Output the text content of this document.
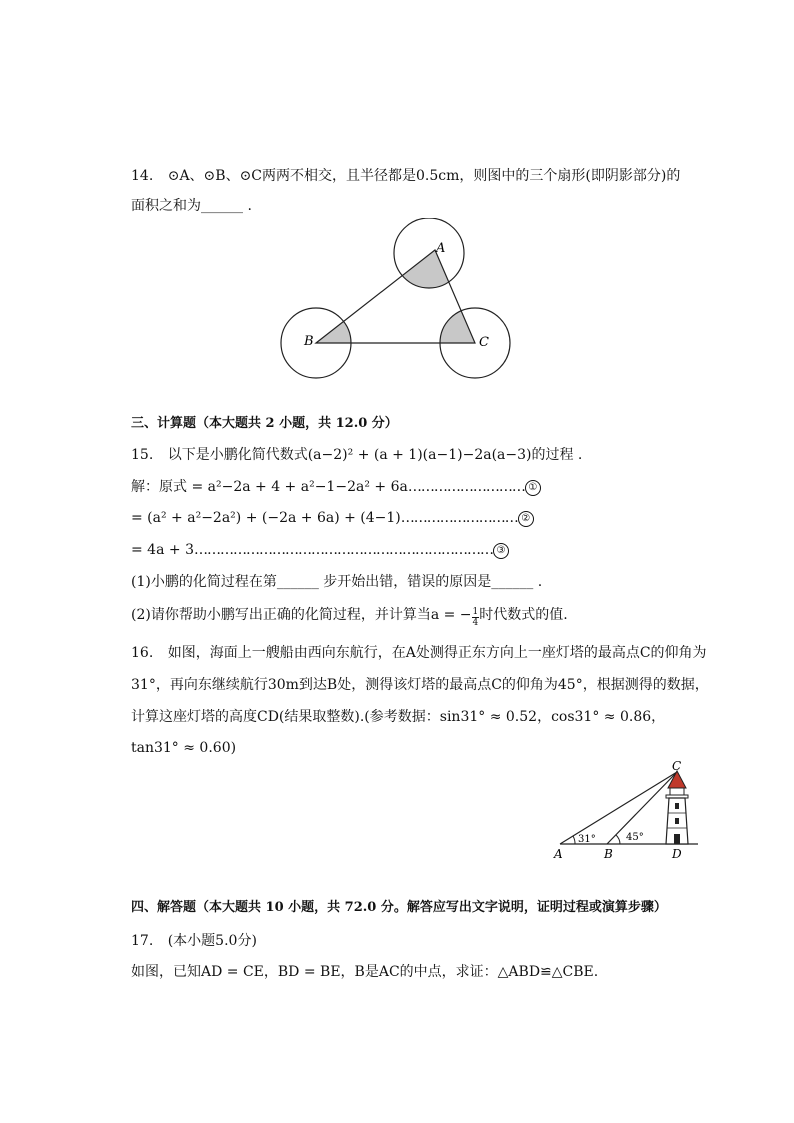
14. ⊙A、⊙B、⊙C两两不相交，且半径都是0.5cm，则图中的三个扇形(即阴影部分)的
面积之和为______ .
A
B	C
三、计算题（本大题共 2 小题，共 12.0 分）
15. 以下是小鹏化简代数式(a−2)² + (a + 1)(a−1)−2a(a−3)的过程 .
解：原式 = a²−2a + 4 + a²−1−2a² + 6a……………………… ①
= (a² + a²−2a²) + (−2a + 6a) + (4−1)……………………… ②
= 4a + 3…………………………………………………………… ③
(1)小鹏的化简过程在第______ 步开始出错，错误的原因是______ .
(2)请你帮助小鹏写出正确的化简过程，并计算当a = − $\frac{1}{4}$ 时代数式的值.
16. 如图，海面上一艘船由西向东航行，在A处测得正东方向上一座灯塔的最高点C的仰角为
31°，再向东继续航行30m到达B处，测得该灯塔的最高点C的仰角为45°，根据测得的数据，
计算这座灯塔的高度CD(结果取整数).(参考数据：sin31° ≈ 0.52，cos31° ≈ 0.86，
tan31° ≈ 0.60)
C
A	B	D
31°	45°
四、解答题（本大题共 10 小题，共 72.0 分。解答应写出文字说明，证明过程或演算步骤）
17. (本小题5.0分)
如图，已知AD = CE，BD = BE，B是AC的中点，求证：△ABD≌△CBE.
